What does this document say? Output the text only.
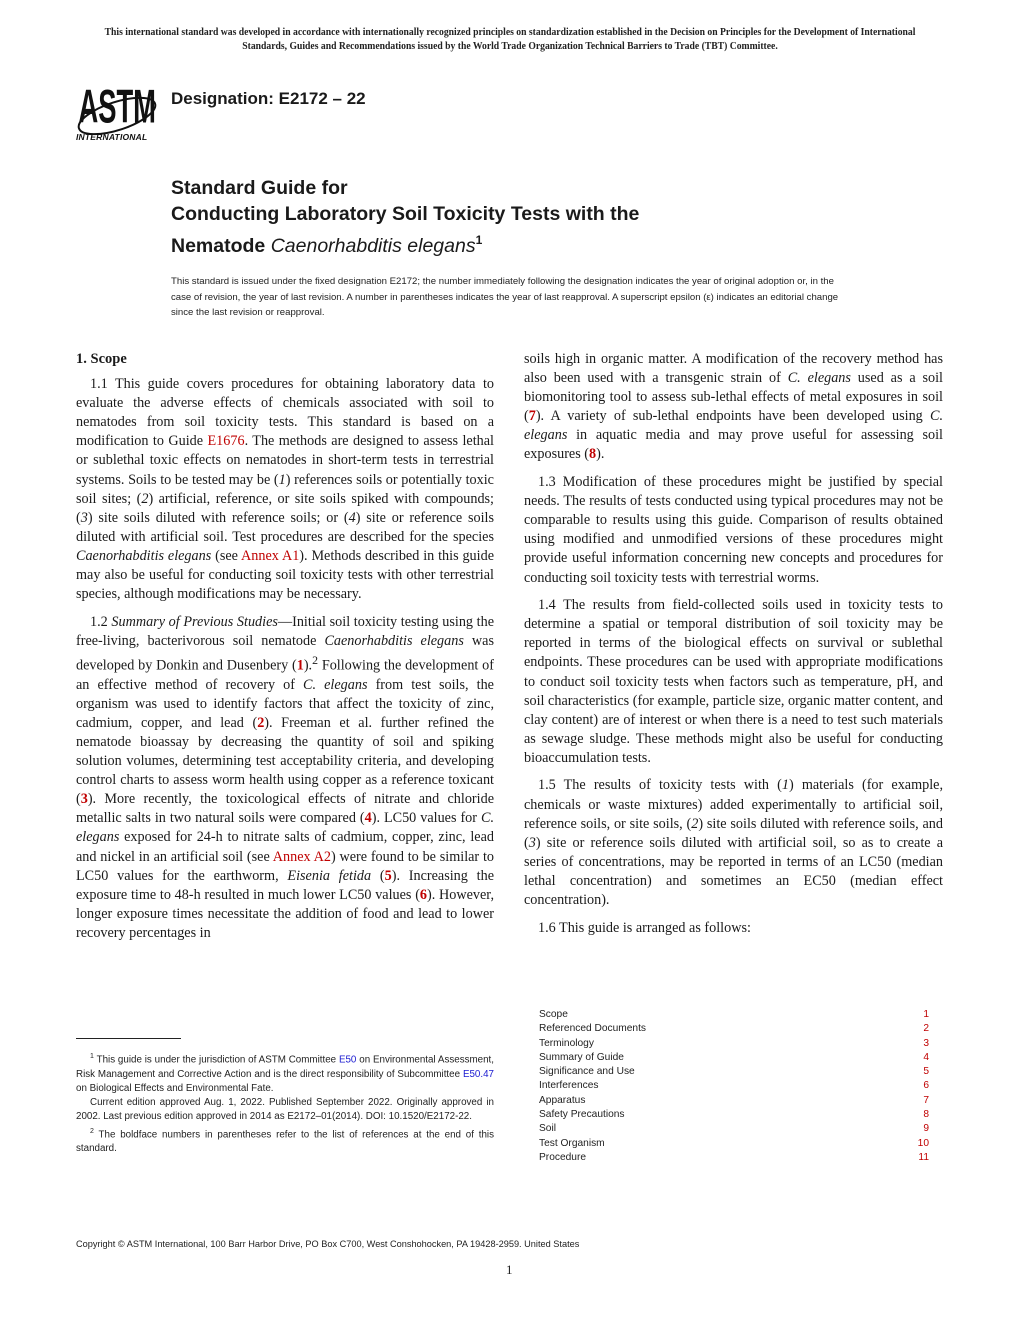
This international standard was developed in accordance with internationally recognized principles on standardization established in the Decision on Principles for the Development of International Standards, Guides and Recommendations issued by the World Trade Organization Technical Barriers to Trade (TBT) Committee.
ASTM
INTERNATIONAL
Designation: E2172 – 22
Standard Guide for
Conducting Laboratory Soil Toxicity Tests with the
Nematode Caenorhabditis elegans$^1$
This standard is issued under the fixed designation E2172; the number immediately following the designation indicates the year of original adoption or, in the case of revision, the year of last revision. A number in parentheses indicates the year of last reapproval. A superscript epsilon (ε) indicates an editorial change since the last revision or reapproval.
1. Scope

1.1 This guide covers procedures for obtaining laboratory data to evaluate the adverse effects of chemicals associated with soil to nematodes from soil toxicity tests. This standard is based on a modification to Guide E1676. The methods are designed to assess lethal or sublethal toxic effects on nematodes in short-term tests in terrestrial systems. Soils to be tested may be (1) references soils or potentially toxic soil sites; (2) artificial, reference, or site soils spiked with compounds; (3) site soils diluted with reference soils; or (4) site or reference soils diluted with artificial soil. Test procedures are described for the species Caenorhabditis elegans (see Annex A1). Methods described in this guide may also be useful for conducting soil toxicity tests with other terrestrial species, although modifications may be necessary.

1.2 Summary of Previous Studies—Initial soil toxicity testing using the free-living, bacterivorous soil nematode Caenorhabditis elegans was developed by Donkin and Dusenbery (1).$^2$ Following the development of an effective method of recovery of C. elegans from test soils, the organism was used to identify factors that affect the toxicity of zinc, cadmium, copper, and lead (2). Freeman et al. further refined the nematode bioassay by decreasing the quantity of soil and spiking solution volumes, determining test acceptability criteria, and developing control charts to assess worm health using copper as a reference toxicant (3). More recently, the toxicological effects of nitrate and chloride metallic salts in two natural soils were compared (4). LC50 values for C. elegans exposed for 24-h to nitrate salts of cadmium, copper, zinc, lead and nickel in an artificial soil (see Annex A2) were found to be similar to LC50 values for the earthworm, Eisenia fetida (5). Increasing the exposure time to 48-h resulted in much lower LC50 values (6). However, longer exposure times necessitate the addition of food and lead to lower recovery percentages in

soils high in organic matter. A modification of the recovery method has also been used with a transgenic strain of C. elegans used as a soil biomonitoring tool to assess sub-lethal effects of metal exposures in soil (7). A variety of sub-lethal endpoints have been developed using C. elegans in aquatic media and may prove useful for assessing soil exposures (8).

1.3 Modification of these procedures might be justified by special needs. The results of tests conducted using typical procedures may not be comparable to results using this guide. Comparison of results obtained using modified and unmodified versions of these procedures might provide useful information concerning new concepts and procedures for conducting soil toxicity tests with terrestrial worms.

1.4 The results from field-collected soils used in toxicity tests to determine a spatial or temporal distribution of soil toxicity may be reported in terms of the biological effects on survival or sublethal endpoints. These procedures can be used with appropriate modifications to conduct soil toxicity tests when factors such as temperature, pH, and soil characteristics (for example, particle size, organic matter content, and clay content) are of interest or when there is a need to test such materials as sewage sludge. These methods might also be useful for conducting bioaccumulation tests.

1.5 The results of toxicity tests with (1) materials (for example, chemicals or waste mixtures) added experimentally to artificial soil, reference soils, or site soils, (2) site soils diluted with reference soils, and (3) site or reference soils diluted with artificial soil, so as to create a series of concentrations, may be reported in terms of an LC50 (median lethal concentration) and sometimes an EC50 (median effect concentration).

1.6 This guide is arranged as follows:

Scope	1
Referenced Documents	2
Terminology	3
Summary of Guide	4
Significance and Use	5
Interferences	6
Apparatus	7
Safety Precautions	8
Soil	9
Test Organism	10
Procedure	11

$^1$ This guide is under the jurisdiction of ASTM Committee E50 on Environmental Assessment, Risk Management and Corrective Action and is the direct responsibility of Subcommittee E50.47 on Biological Effects and Environmental Fate.

Current edition approved Aug. 1, 2022. Published September 2022. Originally approved in 2002. Last previous edition approved in 2014 as E2172–01(2014). DOI: 10.1520/E2172-22.

$^2$ The boldface numbers in parentheses refer to the list of references at the end of this standard.

Copyright © ASTM International, 100 Barr Harbor Drive, PO Box C700, West Conshohocken, PA 19428-2959. United States
1
